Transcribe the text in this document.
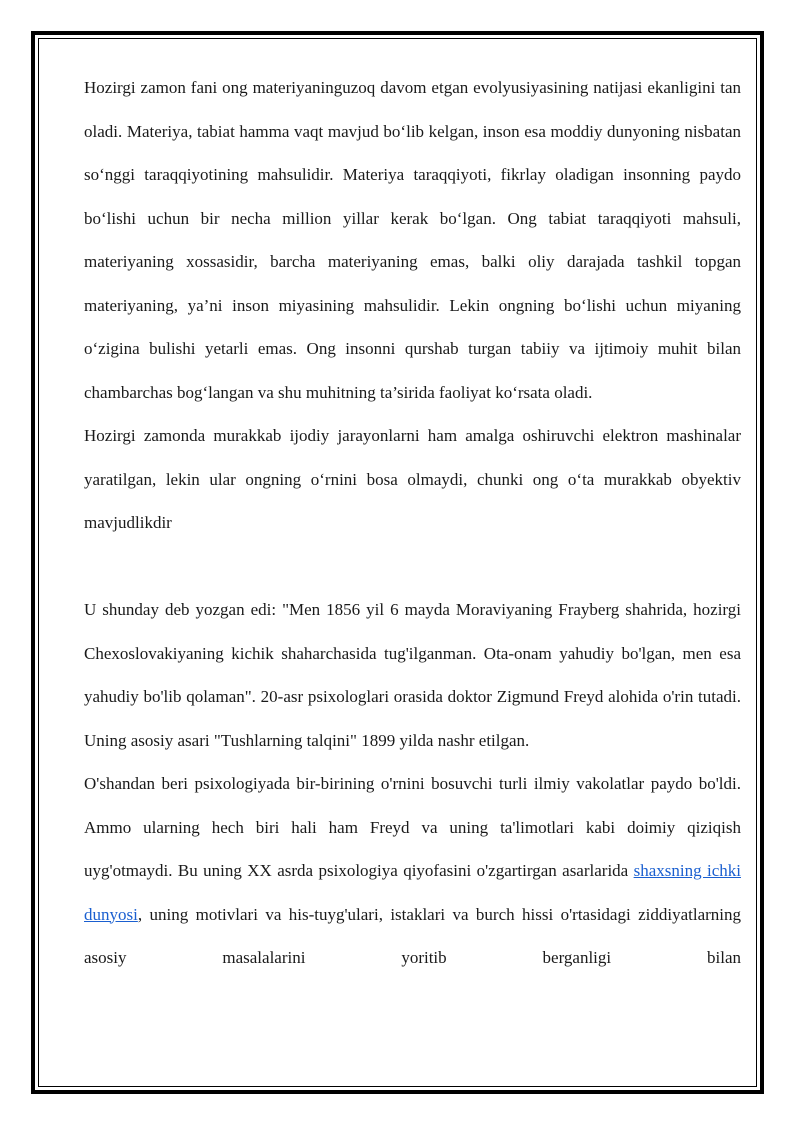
Hozirgi zamon fani ong materiyaninguzoq davom etgan evolyusiyasining natijasi ekanligini tan oladi. Materiya, tabiat hamma vaqt mavjud bo‘lib kelgan, inson esa moddiy dunyoning nisbatan so‘nggi taraqqiyotining mahsulidir. Materiya taraqqiyoti, fikrlay oladigan insonning paydo bo‘lishi uchun bir necha million yillar kerak bo‘lgan. Ong tabiat taraqqiyoti mahsuli, materiyaning xossasidir, barcha materiyaning emas, balki oliy darajada tashkil topgan materiyaning, ya’ni inson miyasining mahsulidir. Lekin ongning bo‘lishi uchun miyaning o‘zigina bulishi yetarli emas. Ong insonni qurshab turgan tabiiy va ijtimoiy muhit bilan chambarchas bog‘langan va shu muhitning ta’sirida faoliyat ko‘rsata oladi.

Hozirgi zamonda murakkab ijodiy jarayonlarni ham amalga oshiruvchi elektron mashinalar yaratilgan, lekin ular ongning o‘rnini bosa olmaydi, chunki ong o‘ta murakkab obyektiv mavjudlikdir

U shunday deb yozgan edi: "Men 1856 yil 6 mayda Moraviyaning Frayberg shahrida, hozirgi Chexoslovakiyaning kichik shaharchasida tug'ilganman. Ota-onam yahudiy bo'lgan, men esa yahudiy bo'lib qolaman". 20-asr psixologlari orasida doktor Zigmund Freyd alohida o'rin tutadi. Uning asosiy asari "Tushlarning talqini" 1899 yilda nashr etilgan.

O'shandan beri psixologiyada bir-birining o'rnini bosuvchi turli ilmiy vakolatlar paydo bo'ldi. Ammo ularning hech biri hali ham Freyd va uning ta'limotlari kabi doimiy qiziqish uyg'otmaydi. Bu uning XX asrda psixologiya qiyofasini o'zgartirgan asarlarida shaxsning ichki dunyosi, uning motivlari va his-tuyg'ulari, istaklari va burch hissi o'rtasidagi ziddiyatlarning asosiy masalalarini yoritib berganligi bilan
